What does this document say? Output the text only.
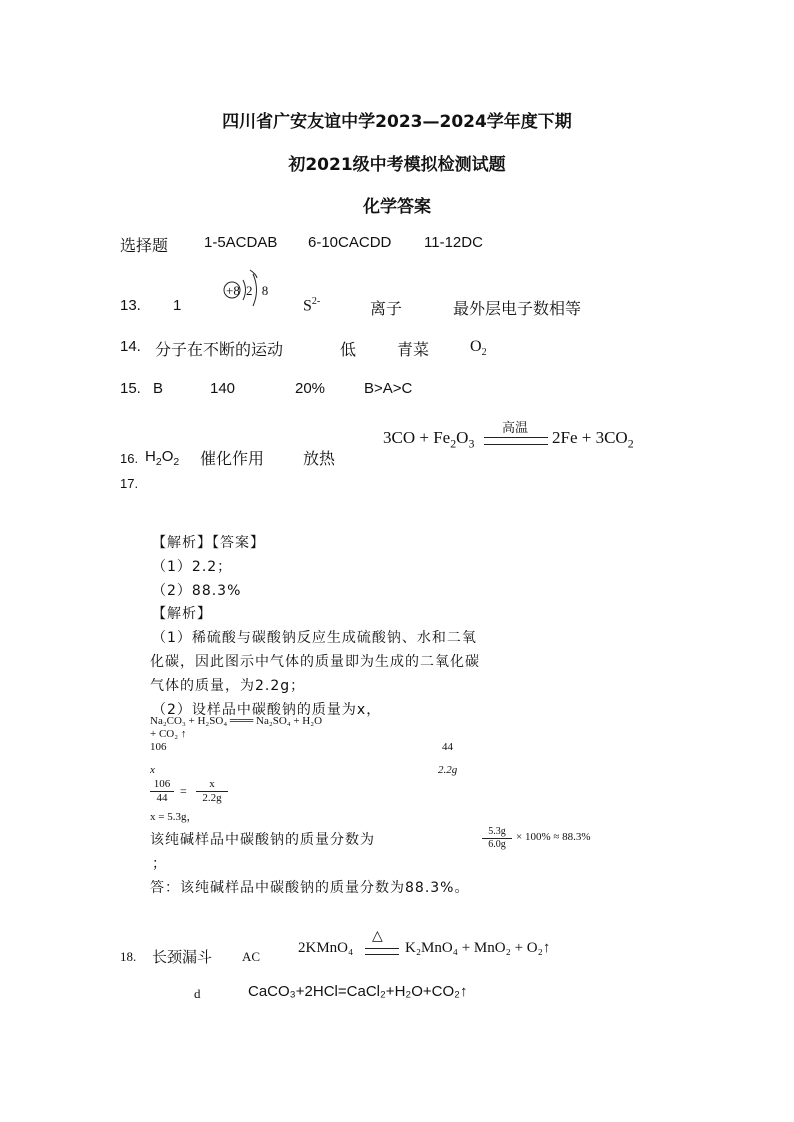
四川省广安友谊中学2023—2024学年度下期
初2021级中考模拟检测试题
化学答案
选择题 1-5ACDAB 6-10CACDD 11-12DC
13. 1
+8 2 8
$S^{2-}$	离子	最外层电子数相等
14. 分子在不断的运动	低	青菜	$O_2$
15. B	140	20%	B>A>C
16. $H_2O_2$ 催化作用 放热
$3CO + Fe_2O_3$
高温 $2Fe + 3CO_2$
17.
【解析】【答案】
（1）2.2；
（2）88.3%
【解析】
（1）稀硫酸与碳酸钠反应生成硫酸钠、水和二氧
化碳，因此图示中气体的质量即为生成的二氧化碳
气体的质量，为2.2g；
（2）设样品中碳酸钠的质量为x，
Na₂CO₃ + H₂SO₄ ═══ Na₂SO₄ + H₂O
+ CO₂ ↑
106	44
x	2.2g
106
44	=	x
2.2g
x = 5.3g，
该纯碱样品中碳酸钠的质量分数为
5.3g
6.0g
× 100% ≈ 88.3%
；
答：该纯碱样品中碳酸钠的质量分数为88.3%。
18. 长颈漏斗 AC
2KMnO₄
△
K₂MnO₄ + MnO₂ + O₂↑
d	CaCO₃+2HCl=CaCl₂+H₂O+CO₂↑
